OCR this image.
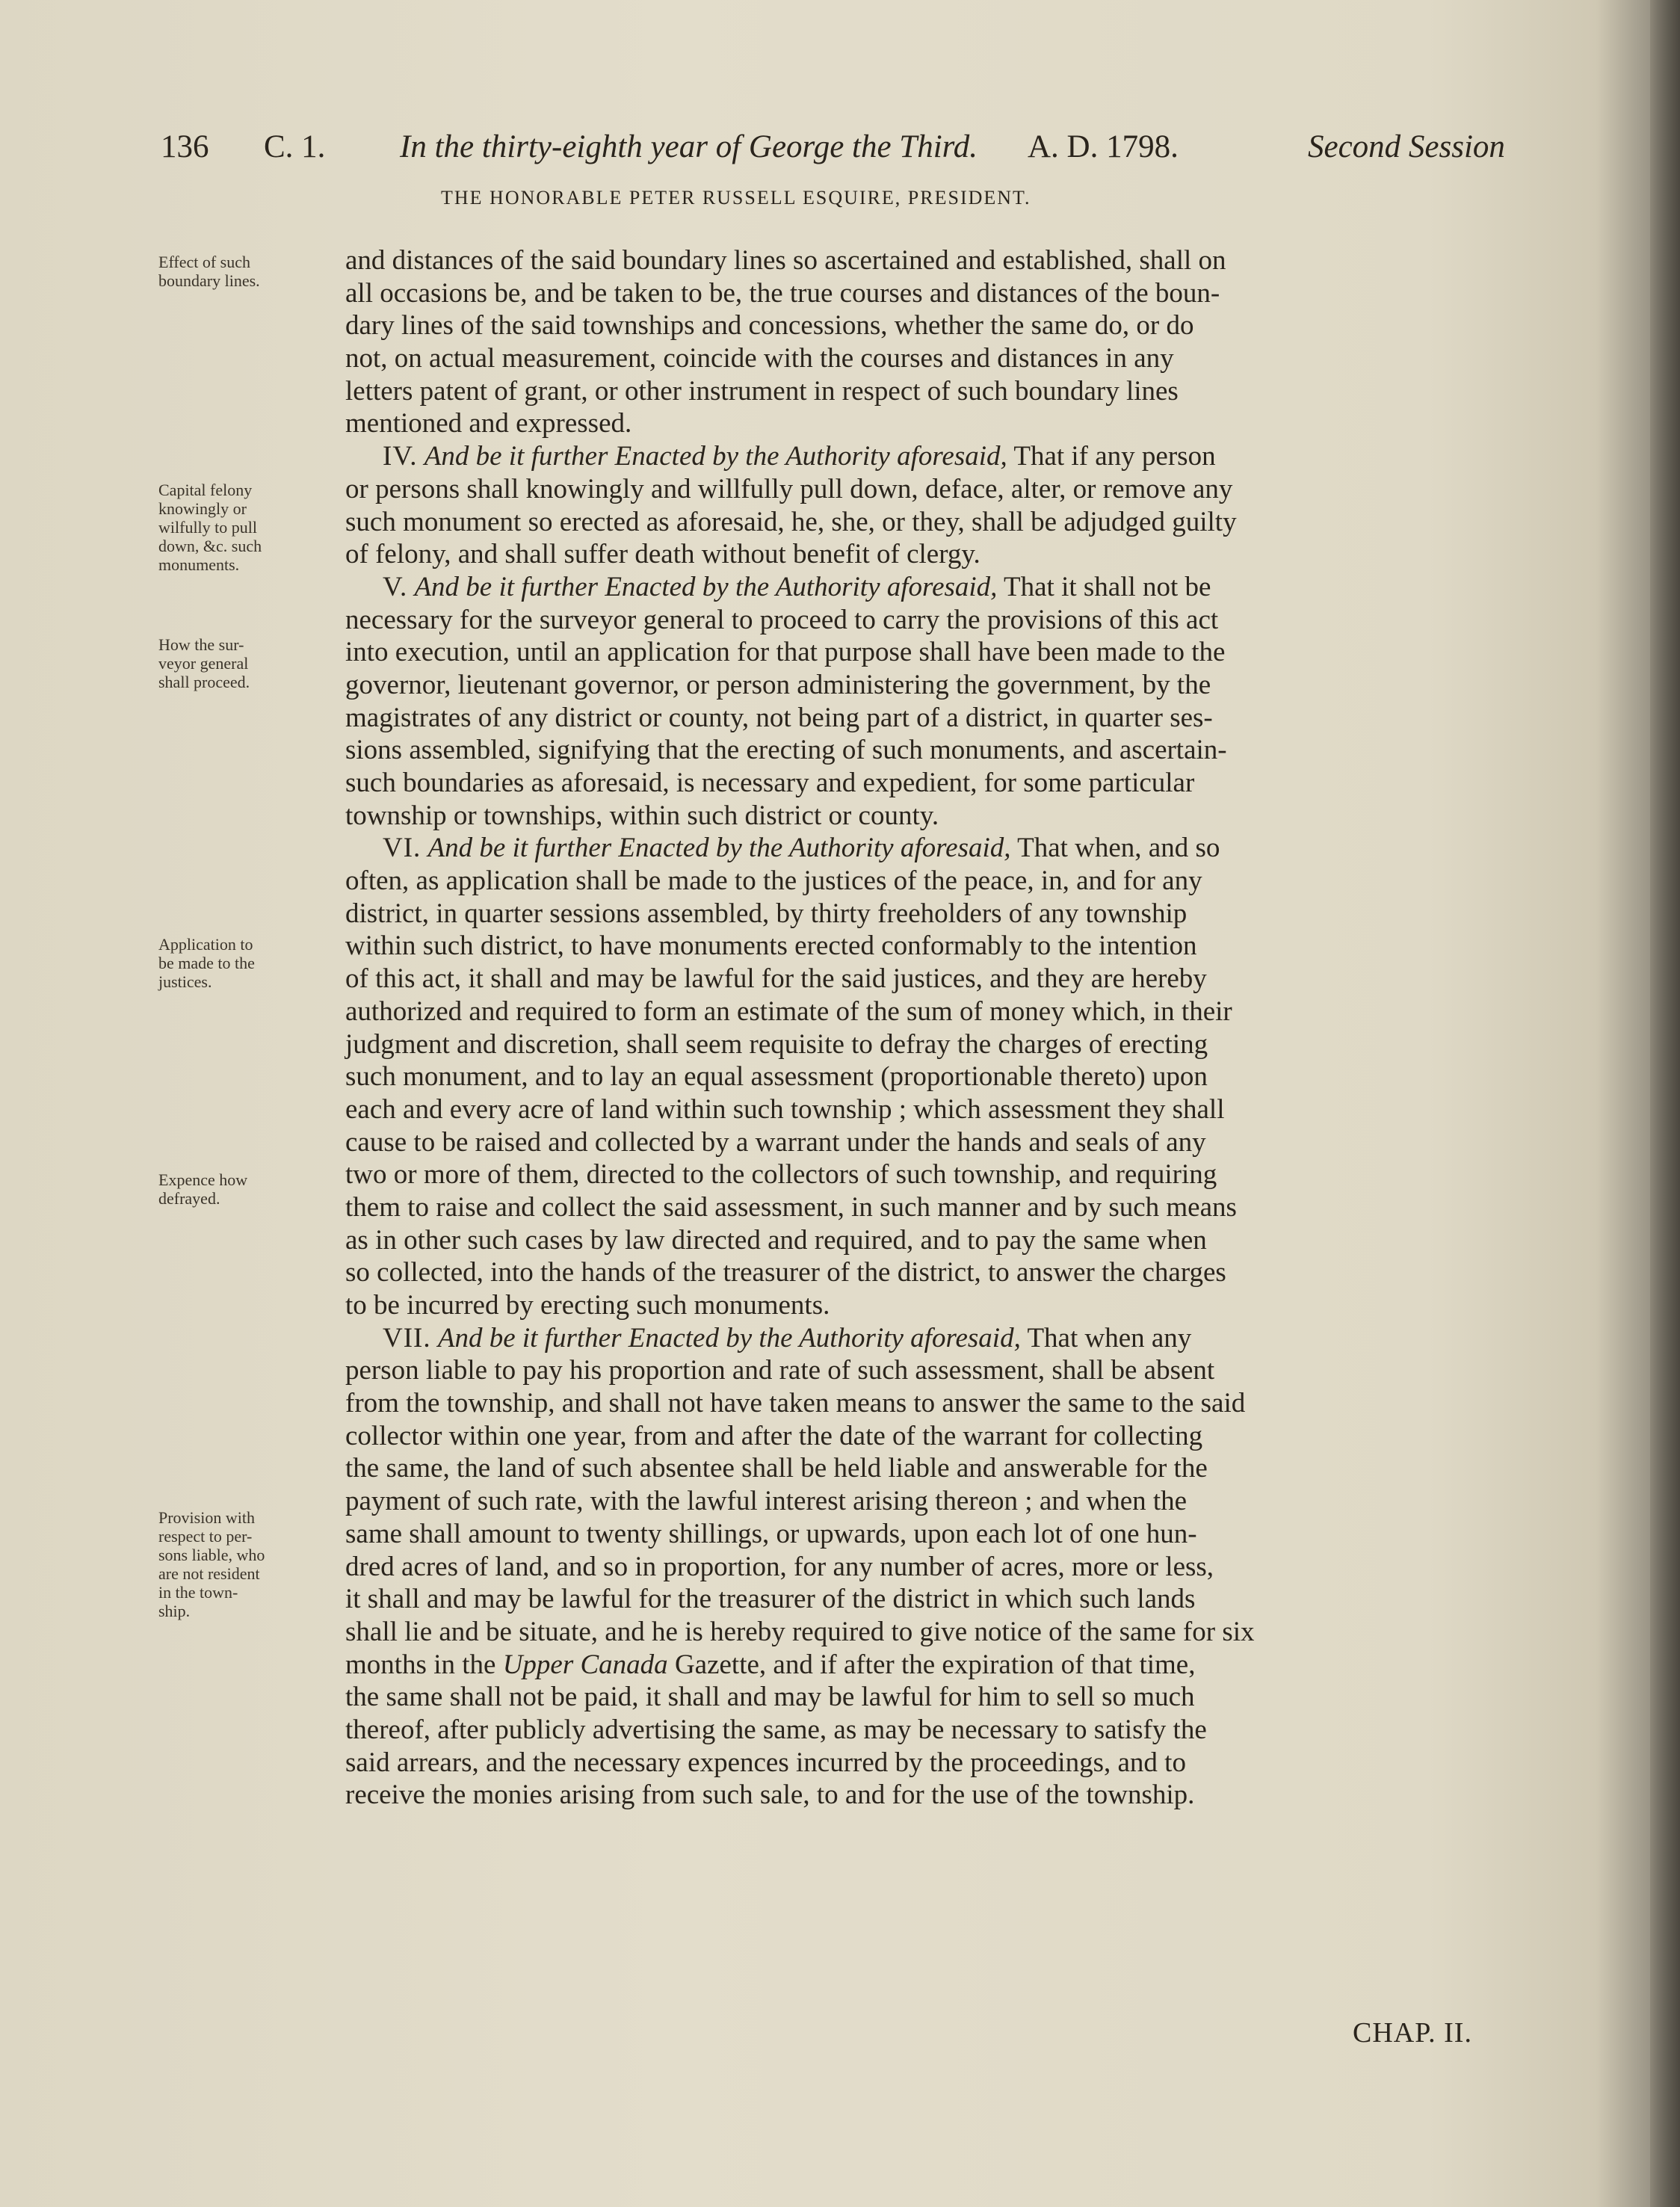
136 C. 1. In the thirty-eighth year of George the Third. A. D. 1798.	Second Session
THE HONORABLE PETER RUSSELL ESQUIRE, PRESIDENT.
Effect of such
boundary lines.
Capital felony
knowingly or
wilfully to pull
down, &c. such
monuments.
How the sur-
veyor general
shall proceed.
Application to
be made to the
justices.
Expence how
defrayed.
Provision with
respect to per-
sons liable, who
are not resident
in the town-
ship.
and distances of the said boundary lines so ascertained and established, shall on
all occasions be, and be taken to be, the true courses and distances of the boun-
dary lines of the said townships and concessions, whether the same do, or do
not, on actual measurement, coincide with the courses and distances in any
letters patent of grant, or other instrument in respect of such boundary lines
mentioned and expressed.
IV. And be it further Enacted by the Authority aforesaid, That if any person
or persons shall knowingly and willfully pull down, deface, alter, or remove any
such monument so erected as aforesaid, he, she, or they, shall be adjudged guilty
of felony, and shall suffer death without benefit of clergy.
V. And be it further Enacted by the Authority aforesaid, That it shall not be
necessary for the surveyor general to proceed to carry the provisions of this act
into execution, until an application for that purpose shall have been made to the
governor, lieutenant governor, or person administering the government, by the
magistrates of any district or county, not being part of a district, in quarter ses-
sions assembled, signifying that the erecting of such monuments, and ascertain-
such boundaries as aforesaid, is necessary and expedient, for some particular
township or townships, within such district or county.
VI. And be it further Enacted by the Authority aforesaid, That when, and so
often, as application shall be made to the justices of the peace, in, and for any
district, in quarter sessions assembled, by thirty freeholders of any township
within such district, to have monuments erected conformably to the intention
of this act, it shall and may be lawful for the said justices, and they are hereby
authorized and required to form an estimate of the sum of money which, in their
judgment and discretion, shall seem requisite to defray the charges of erecting
such monument, and to lay an equal assessment (proportionable thereto) upon
each and every acre of land within such township ; which assessment they shall
cause to be raised and collected by a warrant under the hands and seals of any
two or more of them, directed to the collectors of such township, and requiring
them to raise and collect the said assessment, in such manner and by such means
as in other such cases by law directed and required, and to pay the same when
so collected, into the hands of the treasurer of the district, to answer the charges
to be incurred by erecting such monuments.
VII. And be it further Enacted by the Authority aforesaid, That when any
person liable to pay his proportion and rate of such assessment, shall be absent
from the township, and shall not have taken means to answer the same to the said
collector within one year, from and after the date of the warrant for collecting
the same, the land of such absentee shall be held liable and answerable for the
payment of such rate, with the lawful interest arising thereon ; and when the
same shall amount to twenty shillings, or upwards, upon each lot of one hun-
dred acres of land, and so in proportion, for any number of acres, more or less,
it shall and may be lawful for the treasurer of the district in which such lands
shall lie and be situate, and he is hereby required to give notice of the same for six
months in the Upper Canada Gazette, and if after the expiration of that time,
the same shall not be paid, it shall and may be lawful for him to sell so much
thereof, after publicly advertising the same, as may be necessary to satisfy the
said arrears, and the necessary expences incurred by the proceedings, and to
receive the monies arising from such sale, to and for the use of the township.
CHAP. II.
